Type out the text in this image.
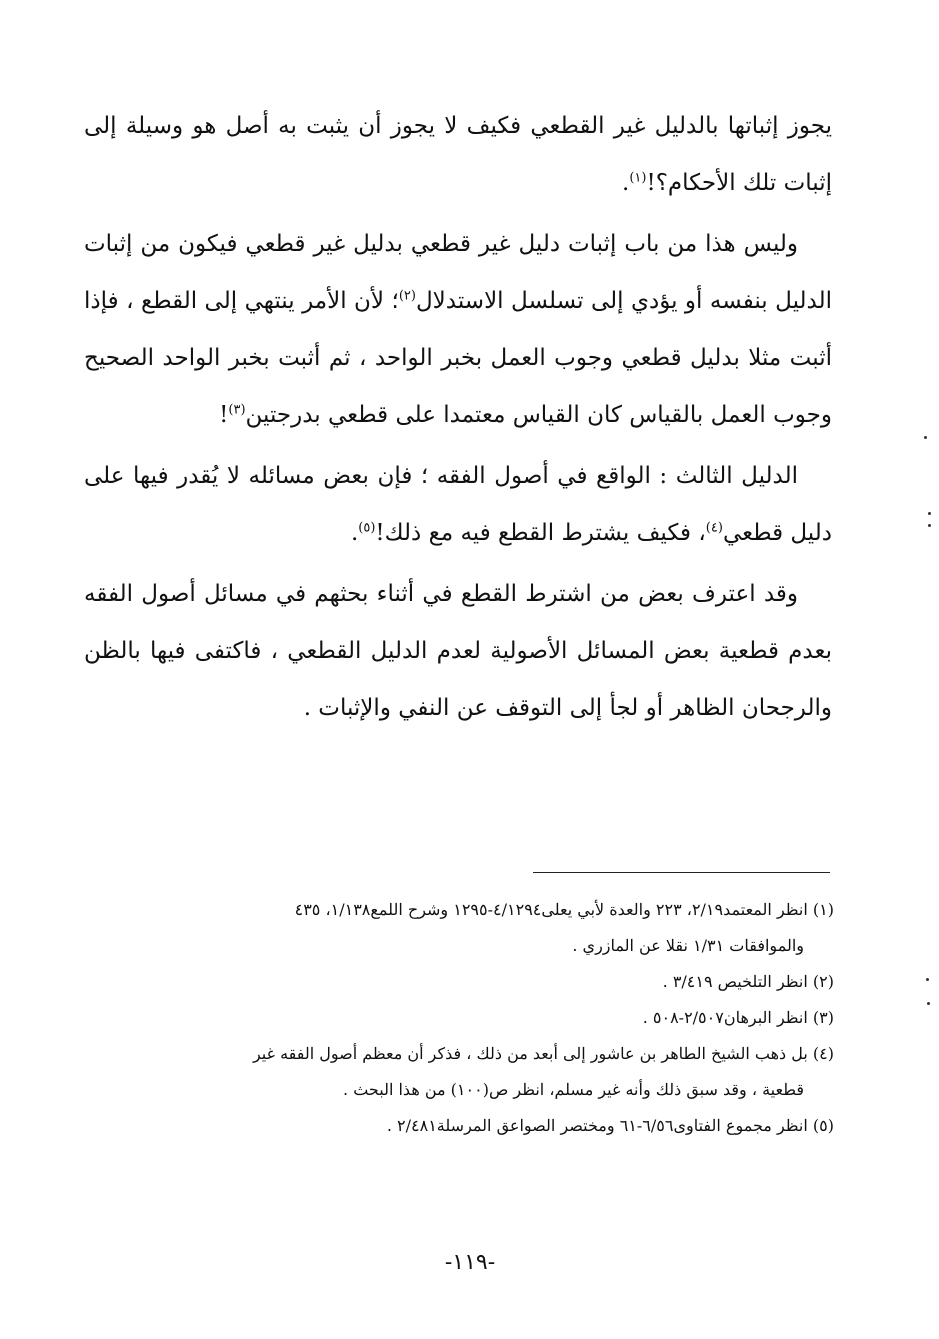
يجوز إثباتها بالدليل غير القطعي فكيف لا يجوز أن يثبت به أصل هو وسيلة إلى إثبات تلك الأحكام؟!$^{(١)}$.

وليس هذا من باب إثبات دليل غير قطعي بدليل غير قطعي فيكون من إثبات الدليل بنفسه أو يؤدي إلى تسلسل الاستدلال$^{(٢)}$؛ لأن الأمر ينتهي إلى القطع ، فإذا أثبت مثلا بدليل قطعي وجوب العمل بخبر الواحد ، ثم أثبت بخبر الواحد الصحيح وجوب العمل بالقياس كان القياس معتمدا على قطعي بدرجتين$^{(٣)}$!

الدليل الثالث : الواقع في أصول الفقه ؛ فإن بعض مسائله لا يُقدر فيها على دليل قطعي$^{(٤)}$، فكيف يشترط القطع فيه مع ذلك!$^{(٥)}$.

وقد اعترف بعض من اشترط القطع في أثناء بحثهم في مسائل أصول الفقه بعدم قطعية بعض المسائل الأصولية لعدم الدليل القطعي ، فاكتفى فيها بالظن والرجحان الظاهر أو لجأ إلى التوقف عن النفي والإثبات .

(١) انظر المعتمد٢/١٩، ٢٢٣ والعدة لأبي يعلى٤/١٢٩٤-١٢٩٥ وشرح اللمع١/١٣٨، ٤٣٥
والموافقات ١/٣١ نقلا عن المازري .

(٢) انظر التلخيص ٣/٤١٩ .

(٣) انظر البرهان٢/٥٠٧-٥٠٨ .

(٤) بل ذهب الشيخ الطاهر بن عاشور إلى أبعد من ذلك ، فذكر أن معظم أصول الفقه غير
قطعية ، وقد سبق ذلك وأنه غير مسلم، انظر ص(١٠٠) من هذا البحث .

(٥) انظر مجموع الفتاوى٦/٥٦-٦١ ومختصر الصواعق المرسلة٢/٤٨١ .

-١١٩-
